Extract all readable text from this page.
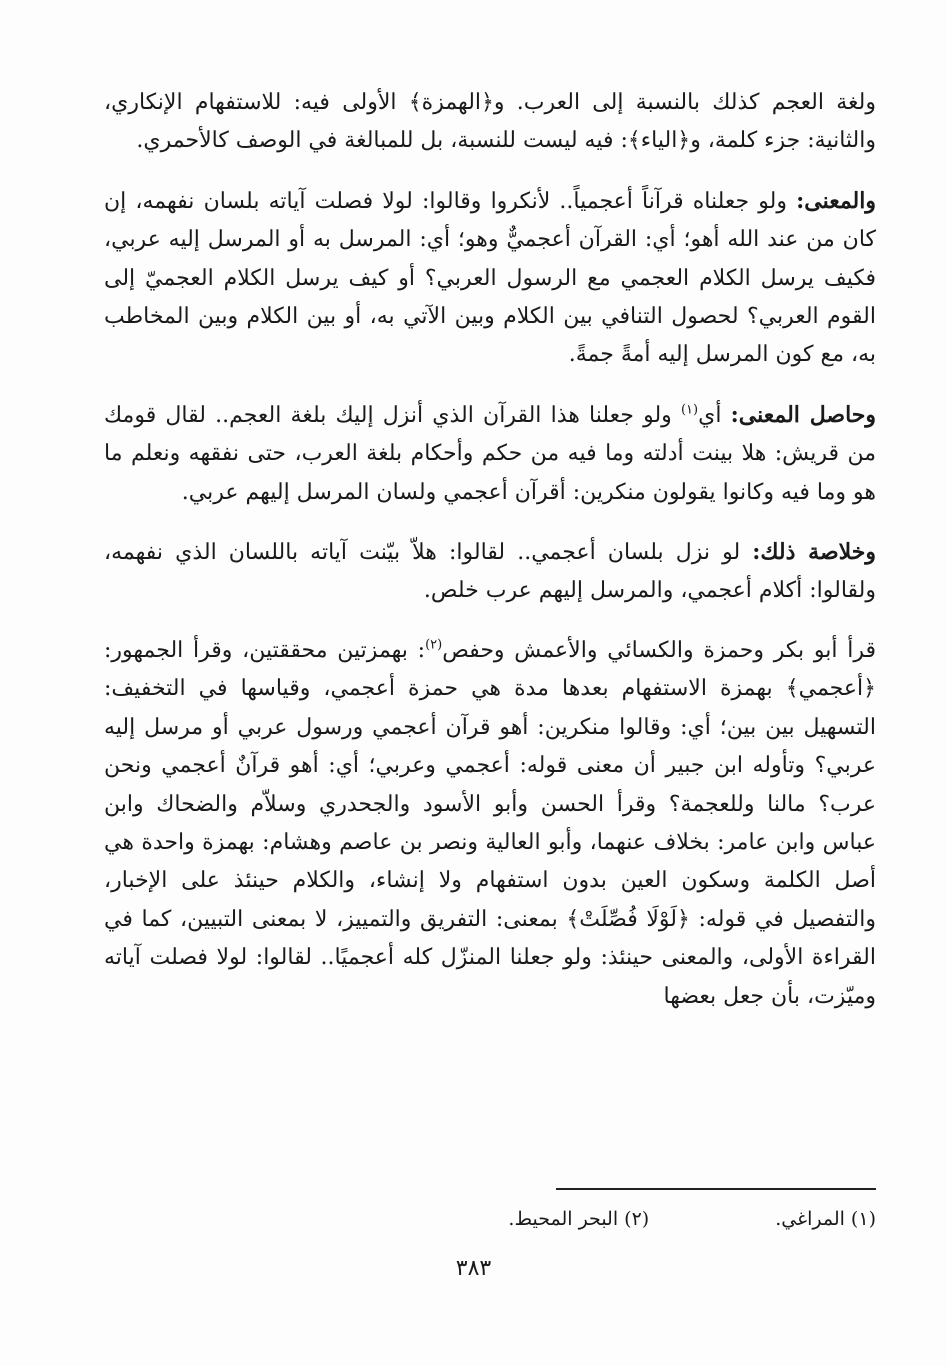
ولغة العجم كذلك بالنسبة إلى العرب. و﴿الهمزة﴾ الأولى فيه: للاستفهام الإنكاري، والثانية: جزء كلمة، و﴿الياء﴾: فيه ليست للنسبة، بل للمبالغة في الوصف كالأحمري.

والمعنى: ولو جعلناه قرآناً أعجمياً.. لأنكروا وقالوا: لولا فصلت آياته بلسان نفهمه، إن كان من عند الله أهو؛ أي: القرآن أعجميٌّ وهو؛ أي: المرسل به أو المرسل إليه عربي، فكيف يرسل الكلام العجمي مع الرسول العربي؟ أو كيف يرسل الكلام العجميّ إلى القوم العربي؟ لحصول التنافي بين الكلام وبين الآتي به، أو بين الكلام وبين المخاطب به، مع كون المرسل إليه أمةً جمةً.

وحاصل المعنى: أي$^{(١)}$ ولو جعلنا هذا القرآن الذي أنزل إليك بلغة العجم.. لقال قومك من قريش: هلا بينت أدلته وما فيه من حكم وأحكام بلغة العرب، حتى نفقهه ونعلم ما هو وما فيه وكانوا يقولون منكرين: أقرآن أعجمي ولسان المرسل إليهم عربي.

وخلاصة ذلك: لو نزل بلسان أعجمي.. لقالوا: هلاّ بيّنت آياته باللسان الذي نفهمه، ولقالوا: أكلام أعجمي، والمرسل إليهم عرب خلص.

قرأ أبو بكر وحمزة والكسائي والأعمش وحفص$^{(٢)}$: بهمزتين محققتين، وقرأ الجمهور: ﴿أعجمي﴾ بهمزة الاستفهام بعدها مدة هي حمزة أعجمي، وقياسها في التخفيف: التسهيل بين بين؛ أي: وقالوا منكرين: أهو قرآن أعجمي ورسول عربي أو مرسل إليه عربي؟ وتأوله ابن جبير أن معنى قوله: أعجمي وعربي؛ أي: أهو قرآنٌ أعجمي ونحن عرب؟ مالنا وللعجمة؟ وقرأ الحسن وأبو الأسود والجحدري وسلاّم والضحاك وابن عباس وابن عامر: بخلاف عنهما، وأبو العالية ونصر بن عاصم وهشام: بهمزة واحدة هي أصل الكلمة وسكون العين بدون استفهام ولا إنشاء، والكلام حينئذ على الإخبار، والتفصيل في قوله: ﴿لَوْلَا فُصِّلَتْ﴾ بمعنى: التفريق والتمييز، لا بمعنى التبيين، كما في القراءة الأولى، والمعنى حينئذ: ولو جعلنا المنزّل كله أعجميًا.. لقالوا: لولا فصلت آياته وميّزت، بأن جعل بعضها

(١) المراغي. (٢) البحر المحيط.
٣٨٣
